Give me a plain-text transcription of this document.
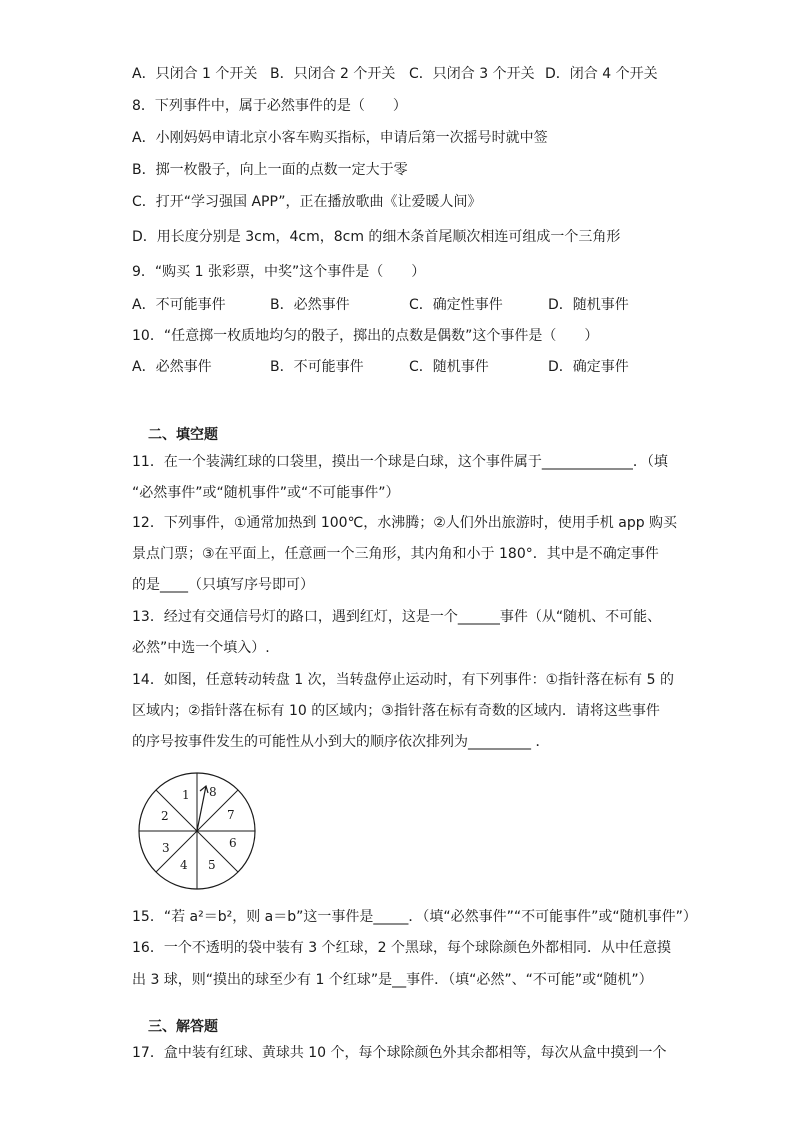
A．只闭合 1 个开关 B．只闭合 2 个开关 C．只闭合 3 个开关 D．闭合 4 个开关
8．下列事件中，属于必然事件的是（　　）
A．小刚妈妈申请北京小客车购买指标，申请后第一次摇号时就中签
B．掷一枚骰子，向上一面的点数一定大于零
C．打开“学习强国 APP”，正在播放歌曲《让爱暖人间》
D．用长度分别是 3cm，4cm，8cm 的细木条首尾顺次相连可组成一个三角形
9．“购买 1 张彩票，中奖”这个事件是（　　）
A．不可能事件	B．必然事件	C．确定性事件	D．随机事件
10．“任意掷一枚质地均匀的骰子，掷出的点数是偶数”这个事件是（　　）
A．必然事件	B．不可能事件	C．随机事件	D．确定事件
二、填空题
11．在一个装满红球的口袋里，摸出一个球是白球，这个事件属于_____________．（填
“必然事件”或“随机事件”或“不可能事件”）
12．下列事件，①通常加热到 100℃，水沸腾；②人们外出旅游时，使用手机 app 购买
景点门票；③在平面上，任意画一个三角形，其内角和小于 180°．其中是不确定事件
的是____（只填写序号即可）
13．经过有交通信号灯的路口，遇到红灯，这是一个______事件（从“随机、不可能、
必然”中选一个填入）.
14．如图，任意转动转盘 1 次，当转盘停止运动时，有下列事件：①指针落在标有 5 的
区域内；②指针落在标有 10 的区域内；③指针落在标有奇数的区域内．请将这些事件
的序号按事件发生的可能性从小到大的顺序依次排列为_________ ．
1 8
7
6
5
4
3
2
15．“若 a²＝b²，则 a＝b”这一事件是_____．（填“必然事件”“不可能事件”或“随机事件”）
16．一个不透明的袋中装有 3 个红球，2 个黑球，每个球除颜色外都相同．从中任意摸
出 3 球，则“摸出的球至少有 1 个红球”是__事件．（填“必然”、“不可能”或“随机”）
三、解答题
17．盒中装有红球、黄球共 10 个，每个球除颜色外其余都相等，每次从盒中摸到一个
